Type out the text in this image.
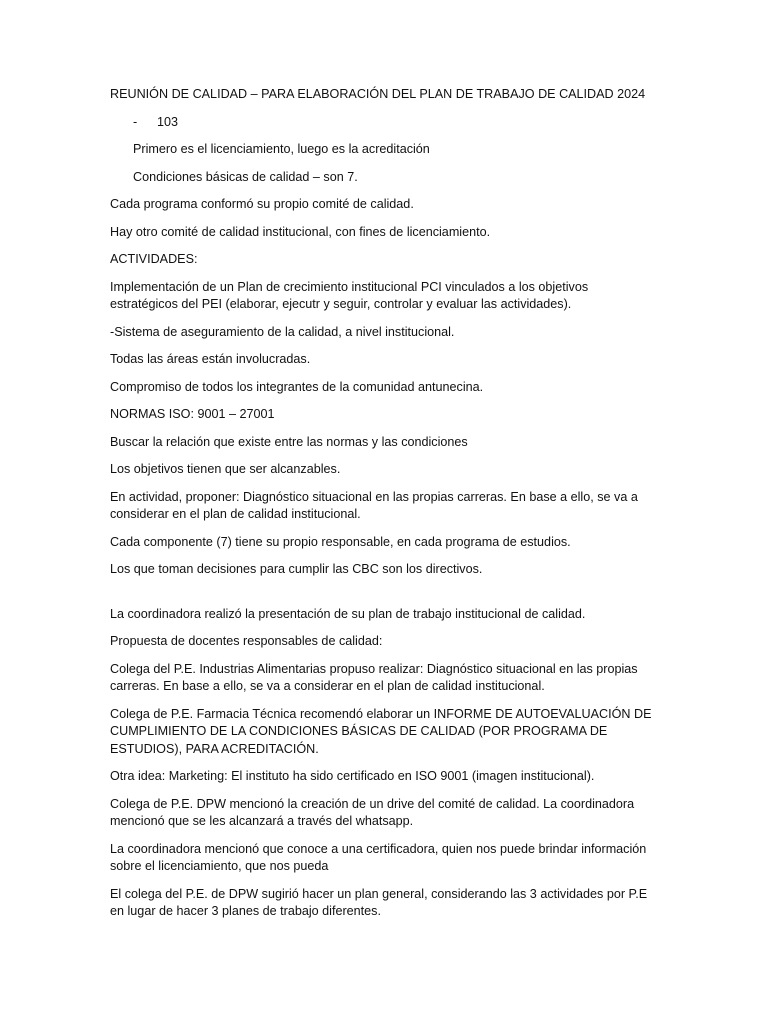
REUNIÓN DE CALIDAD – PARA ELABORACIÓN DEL PLAN DE TRABAJO DE CALIDAD 2024

-	103

Primero es el licenciamiento, luego es la acreditación

Condiciones básicas de calidad – son 7.

Cada programa conformó su propio comité de calidad.

Hay otro comité de calidad institucional, con fines de licenciamiento.

ACTIVIDADES:

Implementación de un Plan de crecimiento institucional PCI vinculados a los objetivos estratégicos del PEI (elaborar, ejecutr y seguir, controlar y evaluar las actividades).

-Sistema de aseguramiento de la calidad, a nivel institucional.

Todas las áreas están involucradas.

Compromiso de todos los integrantes de la comunidad antunecina.

NORMAS ISO: 9001 – 27001

Buscar la relación que existe entre las normas y las condiciones

Los objetivos tienen que ser alcanzables.

En actividad, proponer: Diagnóstico situacional en las propias carreras. En base a ello, se va a considerar en el plan de calidad institucional.

Cada componente (7) tiene su propio responsable, en cada programa de estudios.

Los que toman decisiones para cumplir las CBC son los directivos.

La coordinadora realizó la presentación de su plan de trabajo institucional de calidad.

Propuesta de docentes responsables de calidad:

Colega del P.E. Industrias Alimentarias propuso realizar: Diagnóstico situacional en las propias carreras. En base a ello, se va a considerar en el plan de calidad institucional.

Colega de P.E. Farmacia Técnica recomendó elaborar un INFORME DE AUTOEVALUACIÓN DE CUMPLIMIENTO DE LA CONDICIONES BÁSICAS DE CALIDAD (POR PROGRAMA DE ESTUDIOS), PARA ACREDITACIÓN.

Otra idea: Marketing: El instituto ha sido certificado en ISO 9001 (imagen institucional).

Colega de P.E. DPW mencionó la creación de un drive del comité de calidad. La coordinadora mencionó que se les alcanzará a través del whatsapp.

La coordinadora mencionó que conoce a una certificadora, quien nos puede brindar información sobre el licenciamiento, que nos pueda

El colega del P.E. de DPW sugirió hacer un plan general, considerando las 3 actividades por P.E en lugar de hacer 3 planes de trabajo diferentes.
